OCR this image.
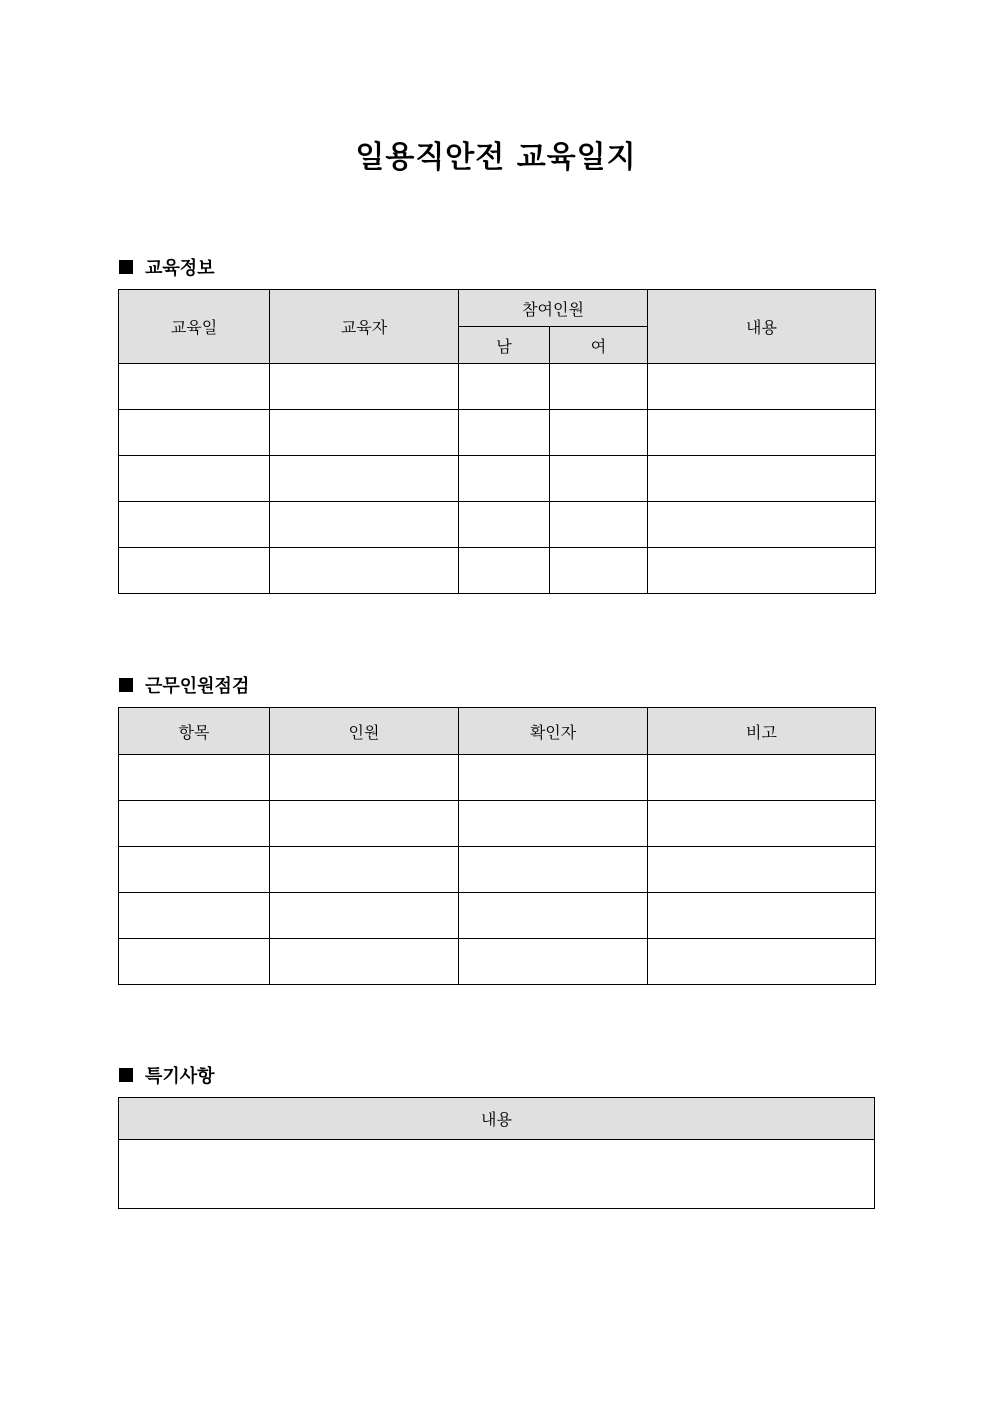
일용직안전 교육일지
교육정보
교육일	교육자	참여인원		내용
		남	여	

근무인원점검
항목	인원	확인자	비고

특기사항
내용
